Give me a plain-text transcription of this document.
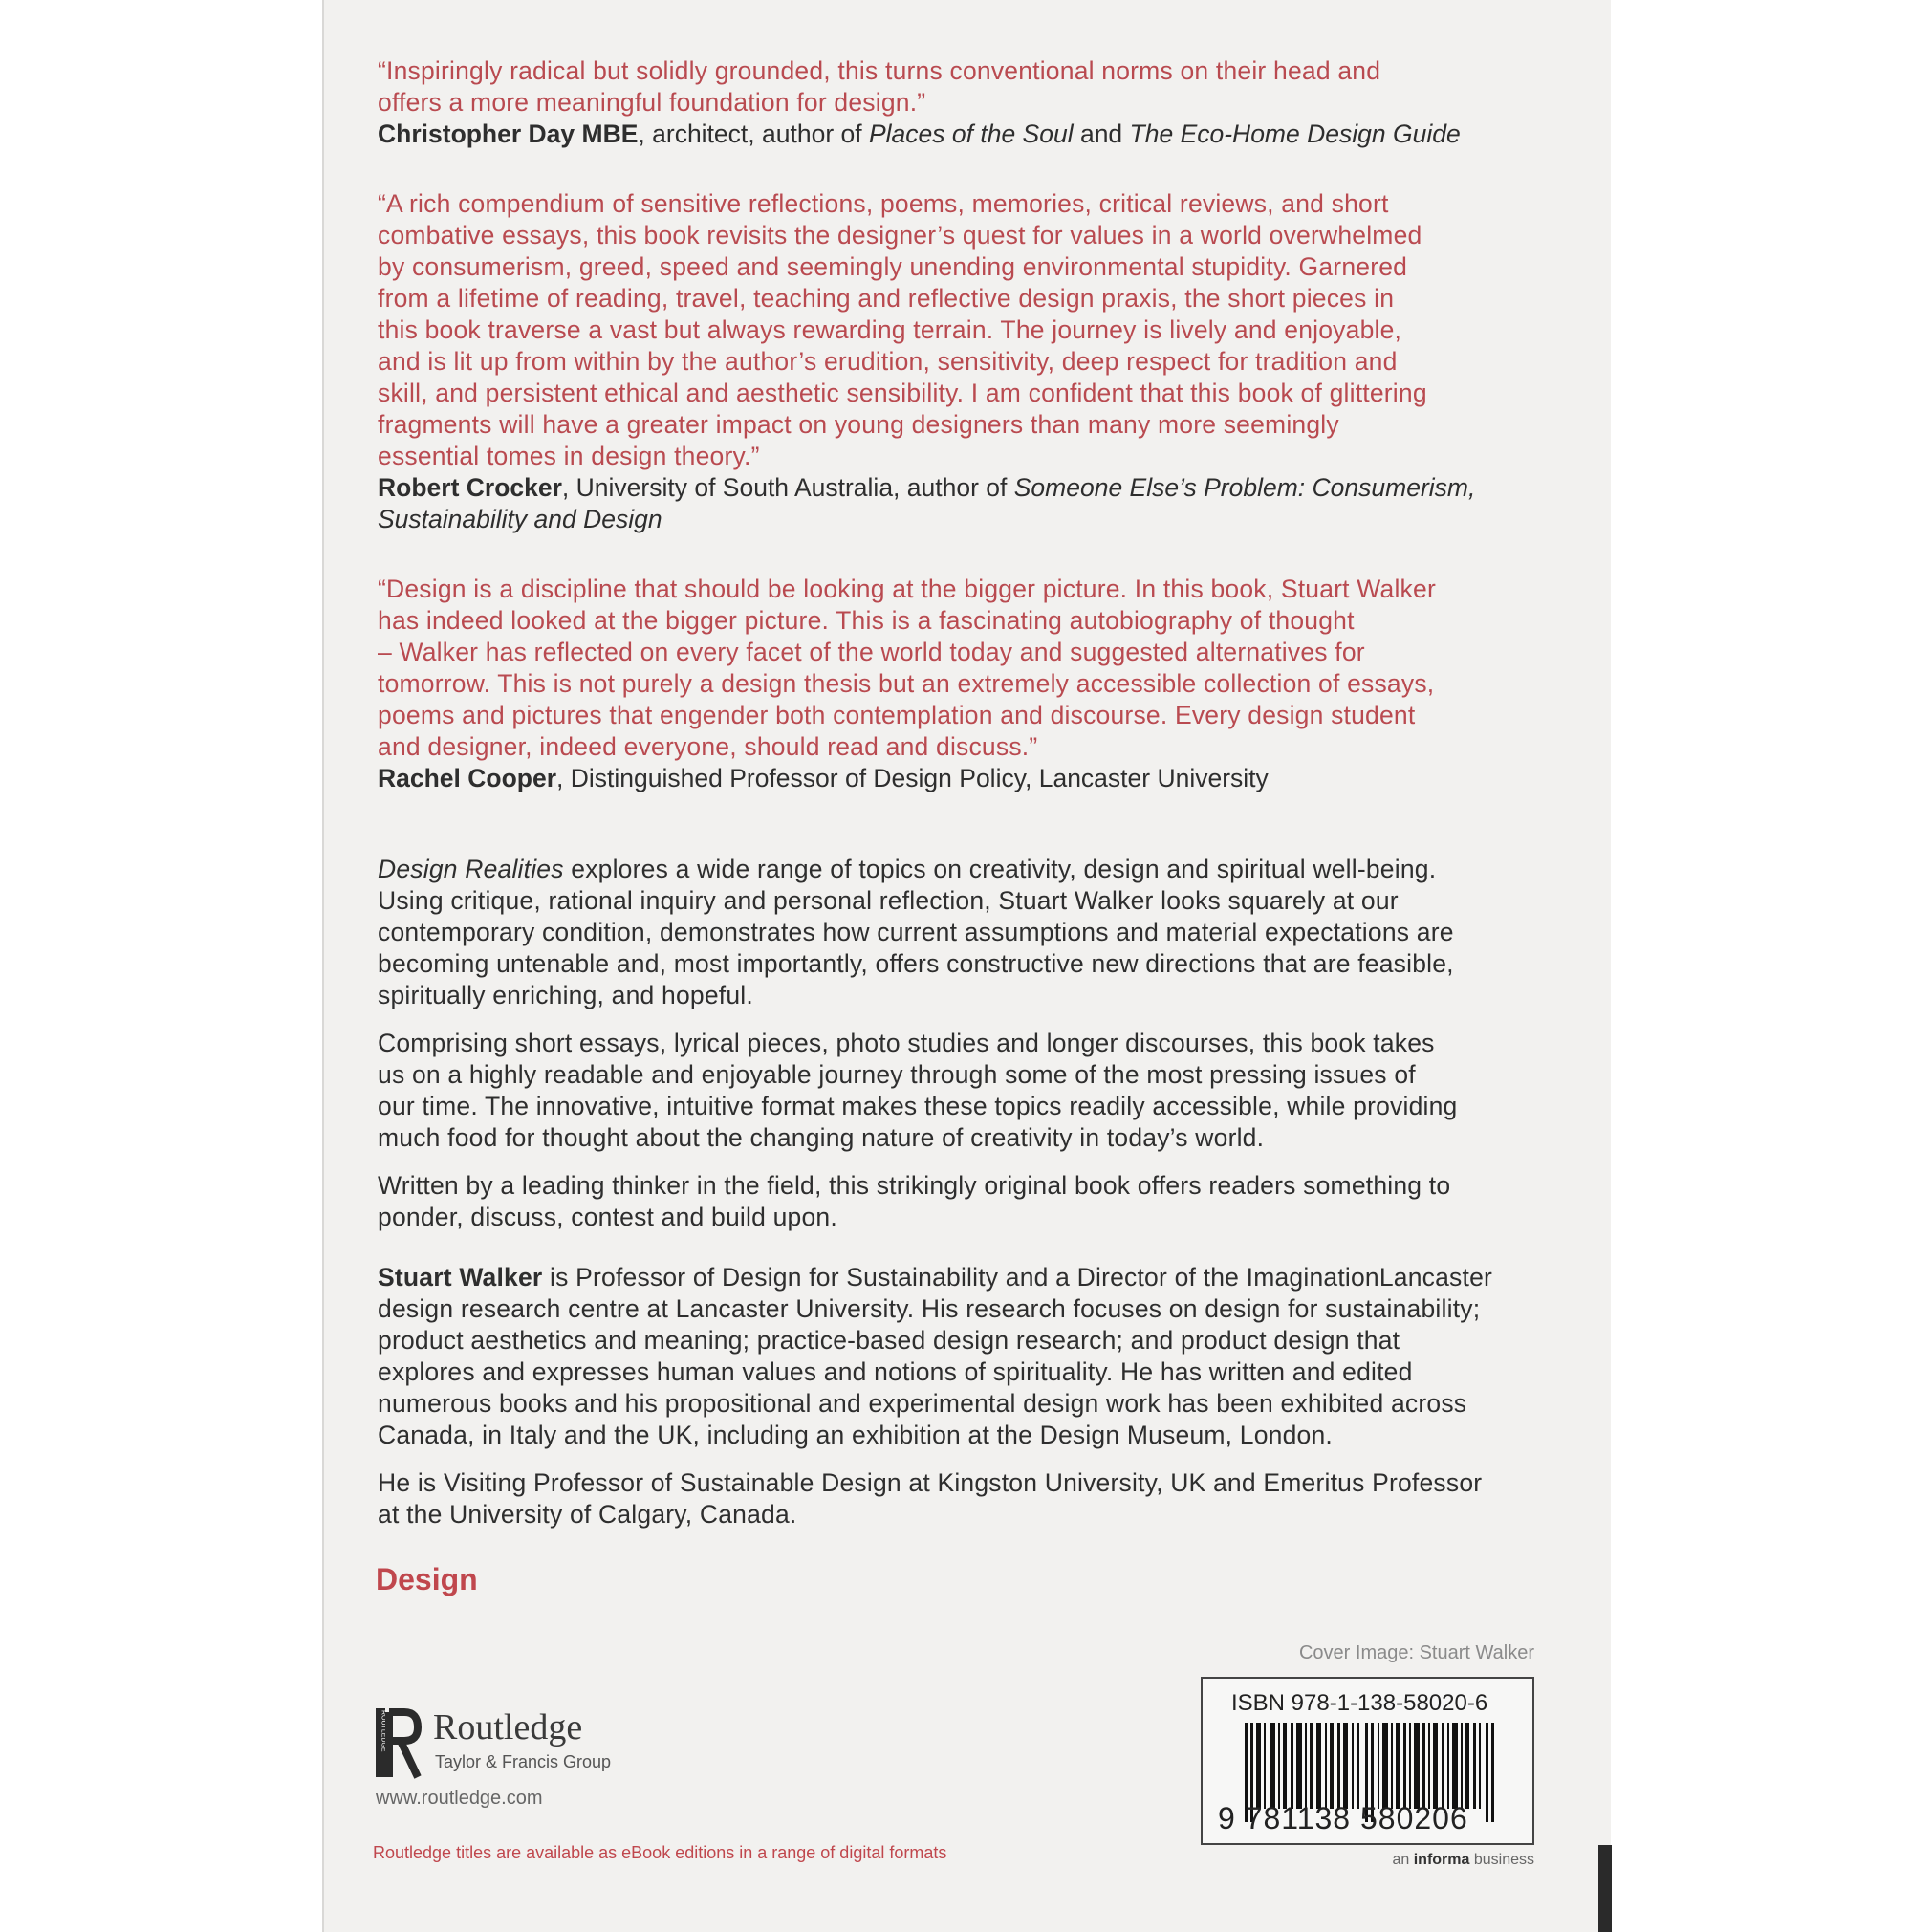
“Inspiringly radical but solidly grounded, this turns conventional norms on their head and

offers a more meaningful foundation for design.”

Christopher Day MBE, architect, author of Places of the Soul and The Eco-Home Design Guide

“A rich compendium of sensitive reflections, poems, memories, critical reviews, and short

combative essays, this book revisits the designer’s quest for values in a world overwhelmed

by consumerism, greed, speed and seemingly unending environmental stupidity. Garnered

from a lifetime of reading, travel, teaching and reflective design praxis, the short pieces in

this book traverse a vast but always rewarding terrain. The journey is lively and enjoyable,

and is lit up from within by the author’s erudition, sensitivity, deep respect for tradition and

skill, and persistent ethical and aesthetic sensibility. I am confident that this book of glittering

fragments will have a greater impact on young designers than many more seemingly

essential tomes in design theory.”

Robert Crocker, University of South Australia, author of Someone Else’s Problem: Consumerism,

Sustainability and Design

“Design is a discipline that should be looking at the bigger picture. In this book, Stuart Walker

has indeed looked at the bigger picture. This is a fascinating autobiography of thought

– Walker has reflected on every facet of the world today and suggested alternatives for

tomorrow. This is not purely a design thesis but an extremely accessible collection of essays,

poems and pictures that engender both contemplation and discourse. Every design student

and designer, indeed everyone, should read and discuss.”

Rachel Cooper, Distinguished Professor of Design Policy, Lancaster University

Design Realities explores a wide range of topics on creativity, design and spiritual well-being.
Using critique, rational inquiry and personal reflection, Stuart Walker looks squarely at our
contemporary condition, demonstrates how current assumptions and material expectations are
becoming untenable and, most importantly, offers constructive new directions that are feasible,
spiritually enriching, and hopeful.
Comprising short essays, lyrical pieces, photo studies and longer discourses, this book takes
us on a highly readable and enjoyable journey through some of the most pressing issues of
our time. The innovative, intuitive format makes these topics readily accessible, while providing
much food for thought about the changing nature of creativity in today’s world.
Written by a leading thinker in the field, this strikingly original book offers readers something to
ponder, discuss, contest and build upon.
Stuart Walker is Professor of Design for Sustainability and a Director of the ImaginationLancaster
design research centre at Lancaster University. His research focuses on design for sustainability;
product aesthetics and meaning; practice-based design research; and product design that
explores and expresses human values and notions of spirituality. He has written and edited
numerous books and his propositional and experimental design work has been exhibited across
Canada, in Italy and the UK, including an exhibition at the Design Museum, London.
He is Visiting Professor of Sustainable Design at Kingston University, UK and Emeritus Professor
at the University of Calgary, Canada.
Design
Cover Image: Stuart Walker
ISBN 978-1-138-58020-6
9 781138 580206
an informa business
ROUTLEDGE Routledge
Taylor & Francis Group
www.routledge.com
Routledge titles are available as eBook editions in a range of digital formats
